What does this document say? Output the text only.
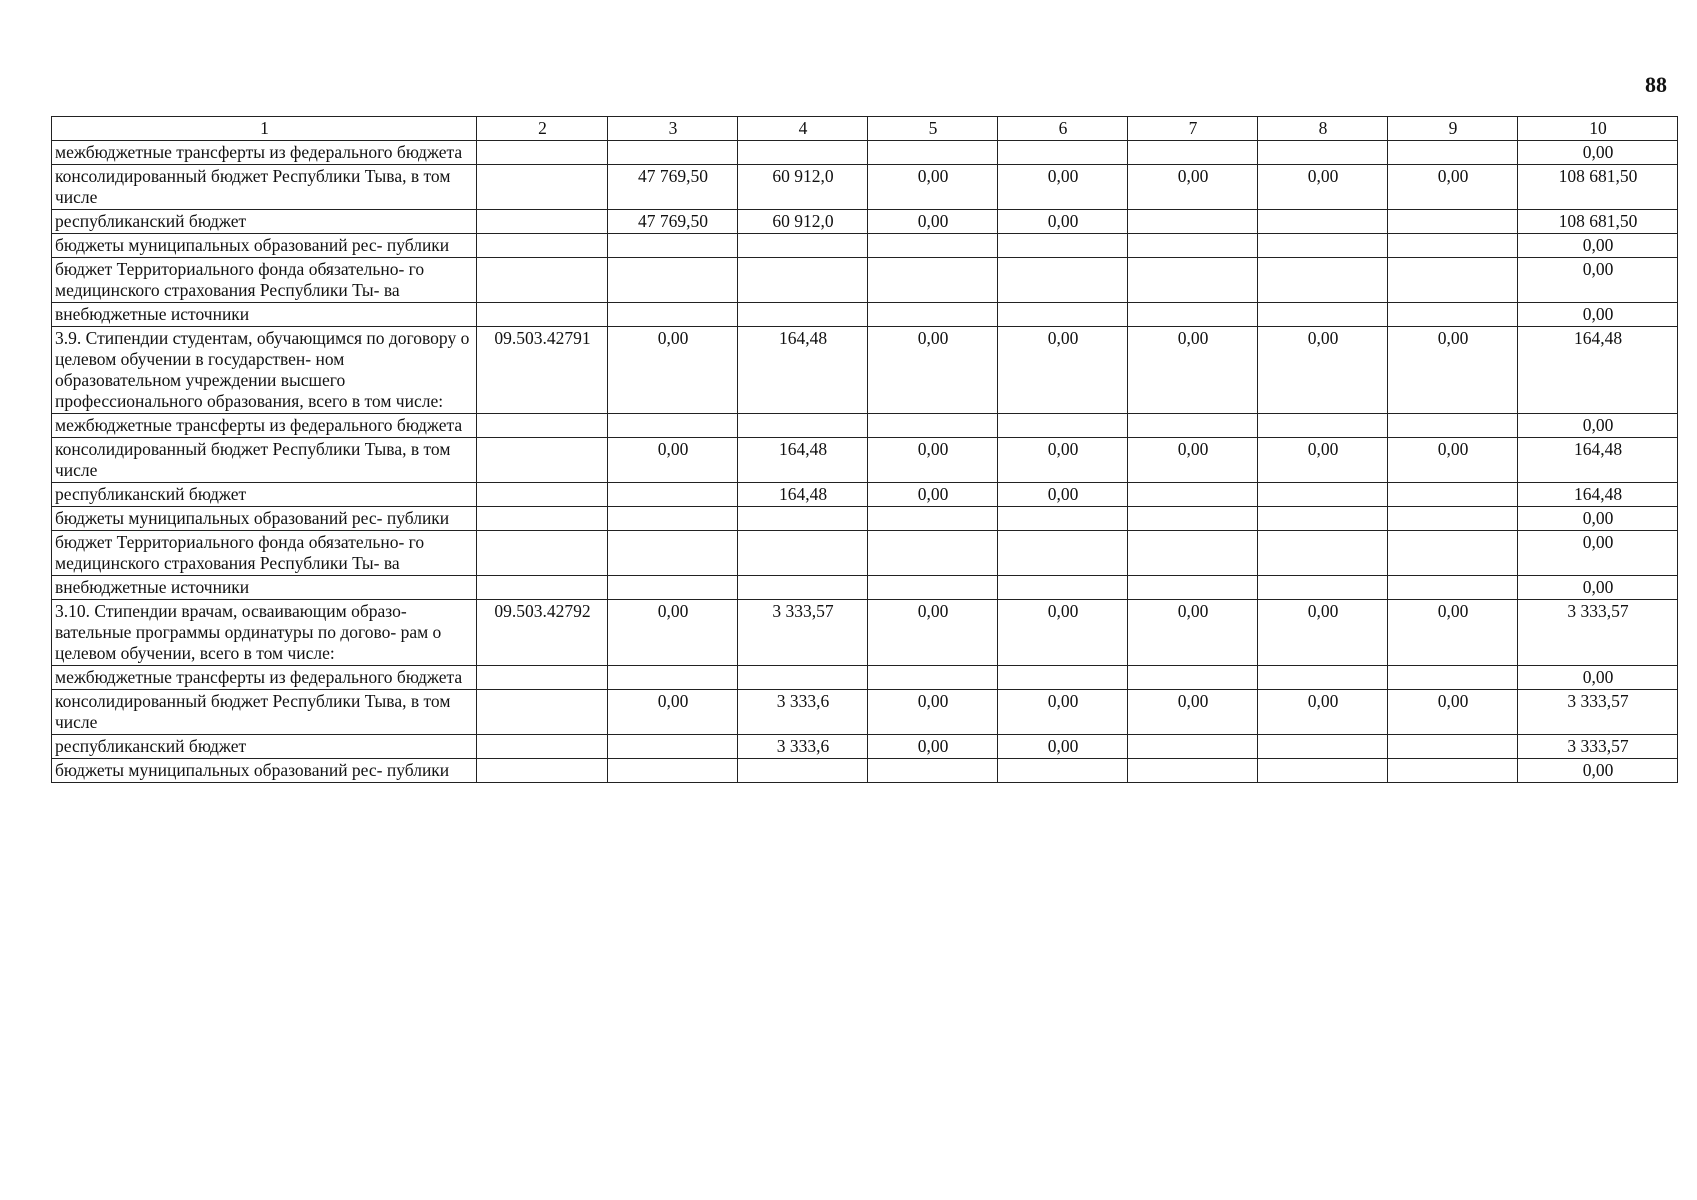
88
1	2	3	4	5	6	7	8	9	10
межбюджетные трансферты из федерального бюджета									0,00
консолидированный бюджет Республики Тыва, в том числе		47 769,50	60 912,0	0,00	0,00	0,00	0,00	0,00	108 681,50
республиканский бюджет		47 769,50	60 912,0	0,00	0,00				108 681,50
бюджеты муниципальных образований рес- публики									0,00
бюджет Территориального фонда обязательно- го медицинского страхования Республики Ты- ва									0,00
внебюджетные источники									0,00
3.9. Стипендии студентам, обучающимся по договору о целевом обучении в государствен- ном образовательном учреждении высшего профессионального образования, всего в том числе:	09.503.42791	0,00	164,48	0,00	0,00	0,00	0,00	0,00	164,48
межбюджетные трансферты из федерального бюджета									0,00
консолидированный бюджет Республики Тыва, в том числе		0,00	164,48	0,00	0,00	0,00	0,00	0,00	164,48
республиканский бюджет			164,48	0,00	0,00				164,48
бюджеты муниципальных образований рес- публики									0,00
бюджет Территориального фонда обязательно- го медицинского страхования Республики Ты- ва									0,00
внебюджетные источники									0,00
3.10. Стипендии врачам, осваивающим образо- вательные программы ординатуры по догово- рам о целевом обучении, всего в том числе:	09.503.42792	0,00	3 333,57	0,00	0,00	0,00	0,00	0,00	3 333,57
межбюджетные трансферты из федерального бюджета									0,00
консолидированный бюджет Республики Тыва, в том числе		0,00	3 333,6	0,00	0,00	0,00	0,00	0,00	3 333,57
республиканский бюджет			3 333,6	0,00	0,00				3 333,57
бюджеты муниципальных образований рес- публики									0,00
